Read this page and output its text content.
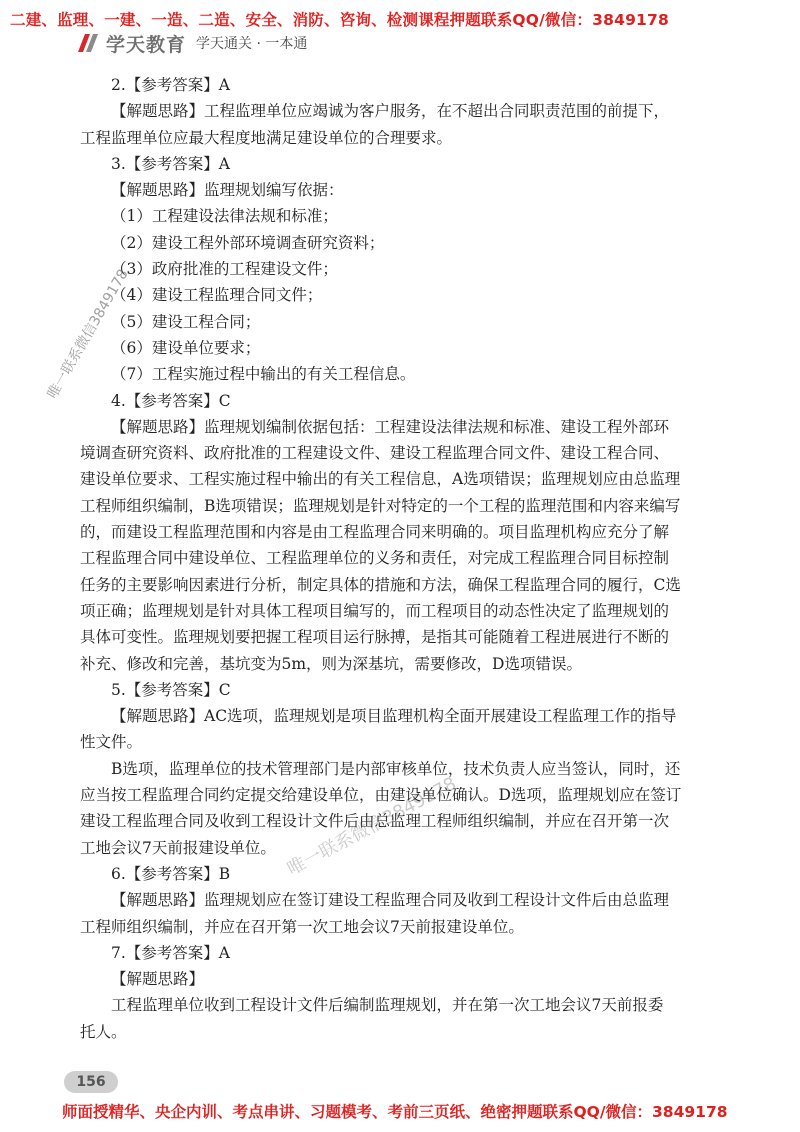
二建、监理、一建、一造、二造、安全、消防、咨询、检测课程押题联系QQ/微信：3849178
学天教育 学天通关 · 一本通

2.【参考答案】A

【解题思路】工程监理单位应竭诚为客户服务，在不超出合同职责范围的前提下，

工程监理单位应最大程度地满足建设单位的合理要求。

3.【参考答案】A

【解题思路】监理规划编写依据：

（1）工程建设法律法规和标准；

（2）建设工程外部环境调查研究资料；

（3）政府批准的工程建设文件；

（4）建设工程监理合同文件；

（5）建设工程合同；

（6）建设单位要求；

（7）工程实施过程中输出的有关工程信息。

4.【参考答案】C

【解题思路】监理规划编制依据包括：工程建设法律法规和标准、建设工程外部环

境调查研究资料、政府批准的工程建设文件、建设工程监理合同文件、建设工程合同、

建设单位要求、工程实施过程中输出的有关工程信息，A选项错误；监理规划应由总监理

工程师组织编制，B选项错误；监理规划是针对特定的一个工程的监理范围和内容来编写

的，而建设工程监理范围和内容是由工程监理合同来明确的。项目监理机构应充分了解

工程监理合同中建设单位、工程监理单位的义务和责任，对完成工程监理合同目标控制

任务的主要影响因素进行分析，制定具体的措施和方法，确保工程监理合同的履行，C选

项正确；监理规划是针对具体工程项目编写的，而工程项目的动态性决定了监理规划的

具体可变性。监理规划要把握工程项目运行脉搏，是指其可能随着工程进展进行不断的

补充、修改和完善，基坑变为5m，则为深基坑，需要修改，D选项错误。

5.【参考答案】C

【解题思路】AC选项，监理规划是项目监理机构全面开展建设工程监理工作的指导

性文件。

B选项，监理单位的技术管理部门是内部审核单位，技术负责人应当签认，同时，还

应当按工程监理合同约定提交给建设单位，由建设单位确认。D选项，监理规划应在签订

建设工程监理合同及收到工程设计文件后由总监理工程师组织编制，并应在召开第一次

工地会议7天前报建设单位。

6.【参考答案】B

【解题思路】监理规划应在签订建设工程监理合同及收到工程设计文件后由总监理

工程师组织编制，并应在召开第一次工地会议7天前报建设单位。

7.【参考答案】A

【解题思路】

工程监理单位收到工程设计文件后编制监理规划，并在第一次工地会议7天前报委

托人。

唯一联系微信3849178
唯一联系微信3849178
156
师面授精华、央企内训、考点串讲、习题模考、考前三页纸、绝密押题联系QQ/微信：3849178
